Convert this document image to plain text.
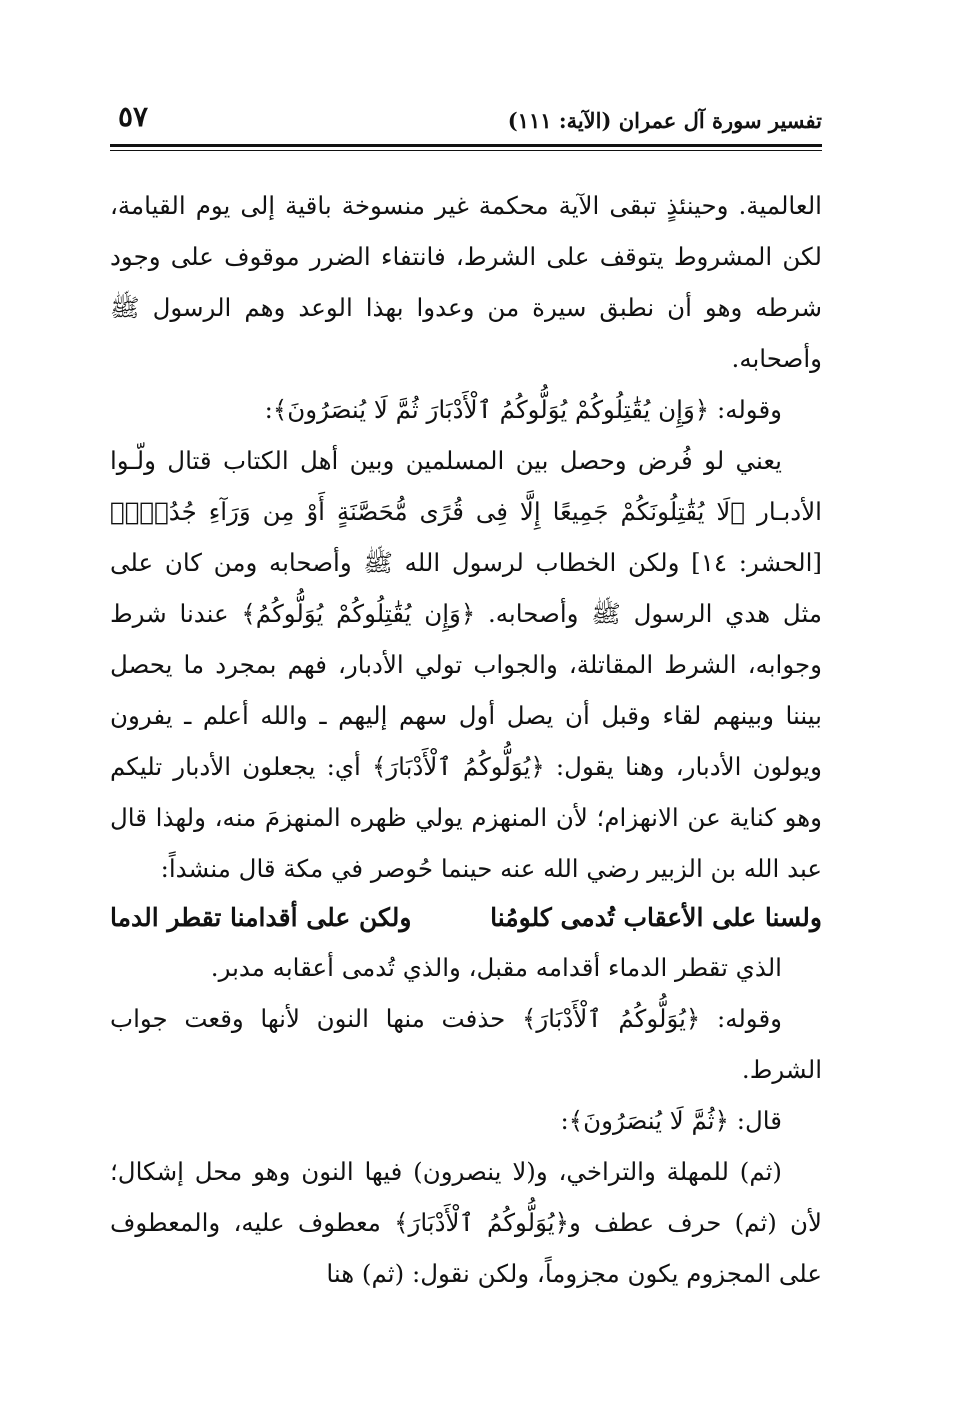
تفسير سورة آل عمران (الآية: ١١١)
٥٧

العالمية. وحينئذٍ تبقى الآية محكمة غير منسوخة باقية إلى يوم القيامة، لكن المشروط يتوقف على الشرط، فانتفاء الضرر موقوف على وجود شرطه وهو أن نطبق سيرة من وعدوا بهذا الوعد وهم الرسول ﷺ وأصحابه.

وقوله: ﴿وَإِن يُقَٰتِلُوكُمْ يُوَلُّوكُمُ ٱلْأَدْبَارَ ثُمَّ لَا يُنصَرُونَ﴾:

يعني لو فُرض وحصل بين المسلمين وبين أهل الكتاب قتال ولّـوا الأدبـار ﴿لَا يُقَٰتِلُونَكُمْ جَمِيعًا إِلَّا فِى قُرًى مُّحَصَّنَةٍ أَوْ مِن وَرَآءِ جُدُرٍۭ﴾ [الحشر: ١٤] ولكن الخطاب لرسول الله ﷺ وأصحابه ومن كان على مثل هدي الرسول ﷺ وأصحابه. ﴿وَإِن يُقَٰتِلُوكُمْ يُوَلُّوكُمُ﴾ عندنا شرط وجوابه، الشرط المقاتلة، والجواب تولي الأدبار، فهم بمجرد ما يحصل بيننا وبينهم لقاء وقبل أن يصل أول سهم إليهم ـ والله أعلم ـ يفرون ويولون الأدبار، وهنا يقول: ﴿يُوَلُّوكُمُ ٱلْأَدْبَارَ﴾ أي: يجعلون الأدبار تليكم وهو كناية عن الانهزام؛ لأن المنهزم يولي ظهره المنهزمَ منه، ولهذا قال عبد الله بن الزبير رضي الله عنه حينما حُوصر في مكة قال منشداً:

ولسنا على الأعقاب تُدمى كلومُنا
ولكن على أقدامنا تقطر الدما

الذي تقطر الدماء أقدامه مقبل، والذي تُدمى أعقابه مدبر.

وقوله: ﴿يُوَلُّوكُمُ ٱلْأَدْبَارَ﴾ حذفت منها النون لأنها وقعت جواب الشرط.

قال: ﴿ثُمَّ لَا يُنصَرُونَ﴾:

(ثم) للمهلة والتراخي، و(لا ينصرون) فيها النون وهو محل إشكال؛ لأن (ثم) حرف عطف و﴿يُوَلُّوكُمُ ٱلْأَدْبَارَ﴾ معطوف عليه، والمعطوف على المجزوم يكون مجزوماً، ولكن نقول: (ثم) هنا
